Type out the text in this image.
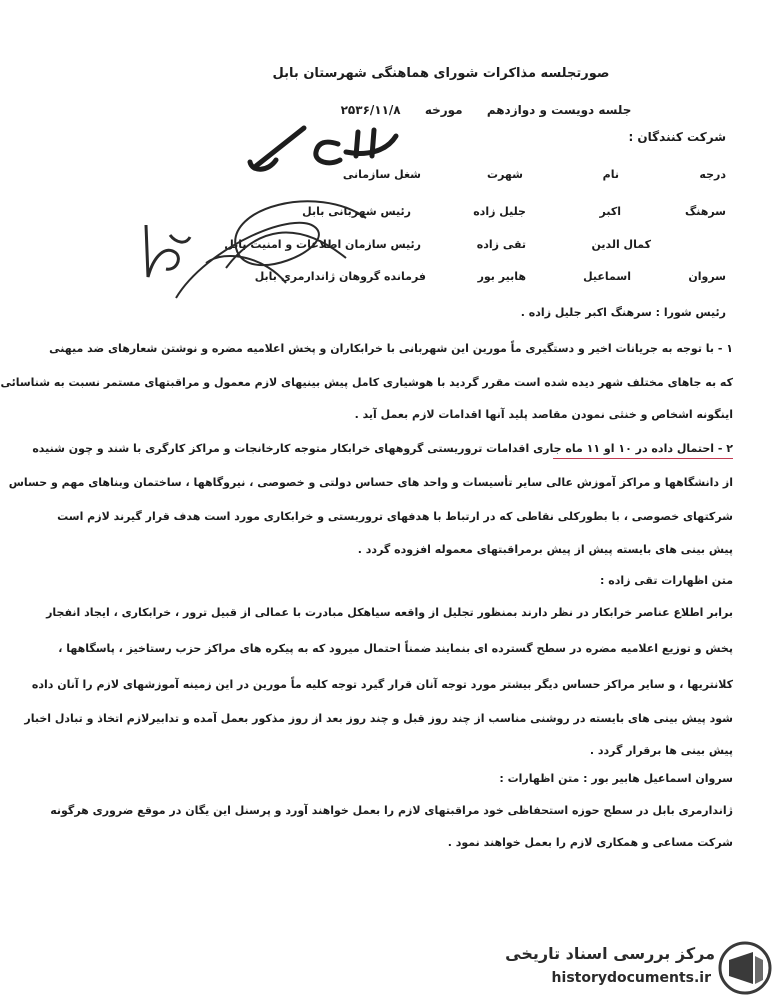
صورتجلسه مذاکرات شورای هماهنگی شهرستان بابل
جلسه دویست و دوازدهم مورخه ۲۵۳۶/۱۱/۸
شرکت کنندگان :
درجه
نام
شهرت
شغل سازمانی
سرهنگ
اکبر
جلیل زاده
رئیس شهربانی بابل
کمال الدین
تقی زاده
رئیس سازمان اطلاعات و امنیت بابل
سروان
اسماعیل
هابیر بور
فرمانده گروهان ژاندارمری بابل
رئیس شورا : سرهنگ اکبر جلیل زاده .
۱ - با توجه به جریانات اخیر و دستگیری ماً مورین این شهربانی با خرابکاران و پخش اعلامیه مضره و نوشتن شعارهای ضد میهنی
که به جاهای مختلف شهر دیده شده است مقرر گردید با هوشیاری کامل پیش بینیهای لازم معمول و مراقبتهای مستمر نسبت به شناسائی
اینگونه اشخاص و خنثی نمودن مقاصد پلید آنها اقدامات لازم بعمل آید .
۲ - احتمال داده در ۱۰ او ۱۱ ماه جاری اقدامات تروریستی گروههای خرابکار متوجه کارخانجات و مراکز کارگری با شند و چون شنیده
از دانشگاهها و مراکز آموزش عالی سایر تأسیسات و واحد های حساس دولتی و خصوصی ، نیروگاهها ، ساختمان وبناهای مهم و حساس
شرکتهای خصوصی ، با بطورکلی نقاطی که در ارتباط با هدفهای تروریستی و خرابکاری مورد است هدف قرار گیرند لازم است
پیش بینی های بایسته پیش از پیش برمراقبتهای معموله افزوده گردد .
متن اظهارات تقی زاده :
برابر اطلاع عناصر خرابکار در نظر دارند بمنظور تجلیل از واقعه سیاهکل مبادرت با عمالی از قبیل ترور ، خرابکاری ، ایجاد انفجار
پخش و توزیع اعلامیه مضره در سطح گسترده ای بنمایند ضمناً احتمال میرود که به پیکره های مراکز حزب رستاخیز ، پاسگاهها ،
کلانتریها ، و سایر مراکز حساس دیگر بیشتر مورد توجه آنان قرار گیرد توجه کلیه ماً مورین در این زمینه آموزشهای لازم را آنان داده
شود پیش بینی های بایسته در روشنی مناسب از چند روز قبل و چند روز بعد از روز مذکور بعمل آمده و تدابیرلازم اتخاذ و تبادل اخبار
پیش بینی ها برقرار گردد .
سروان اسماعیل هابیر بور : متن اظهارات :
ژاندارمری بابل در سطح حوزه استحفاظی خود مراقبتهای لازم را بعمل خواهند آورد و پرسنل این یگان در موقع ضروری هرگونه
شرکت مساعی و همکاری لازم را بعمل خواهند نمود .
مرکز بررسی اسناد تاریخی
historydocuments.ir
